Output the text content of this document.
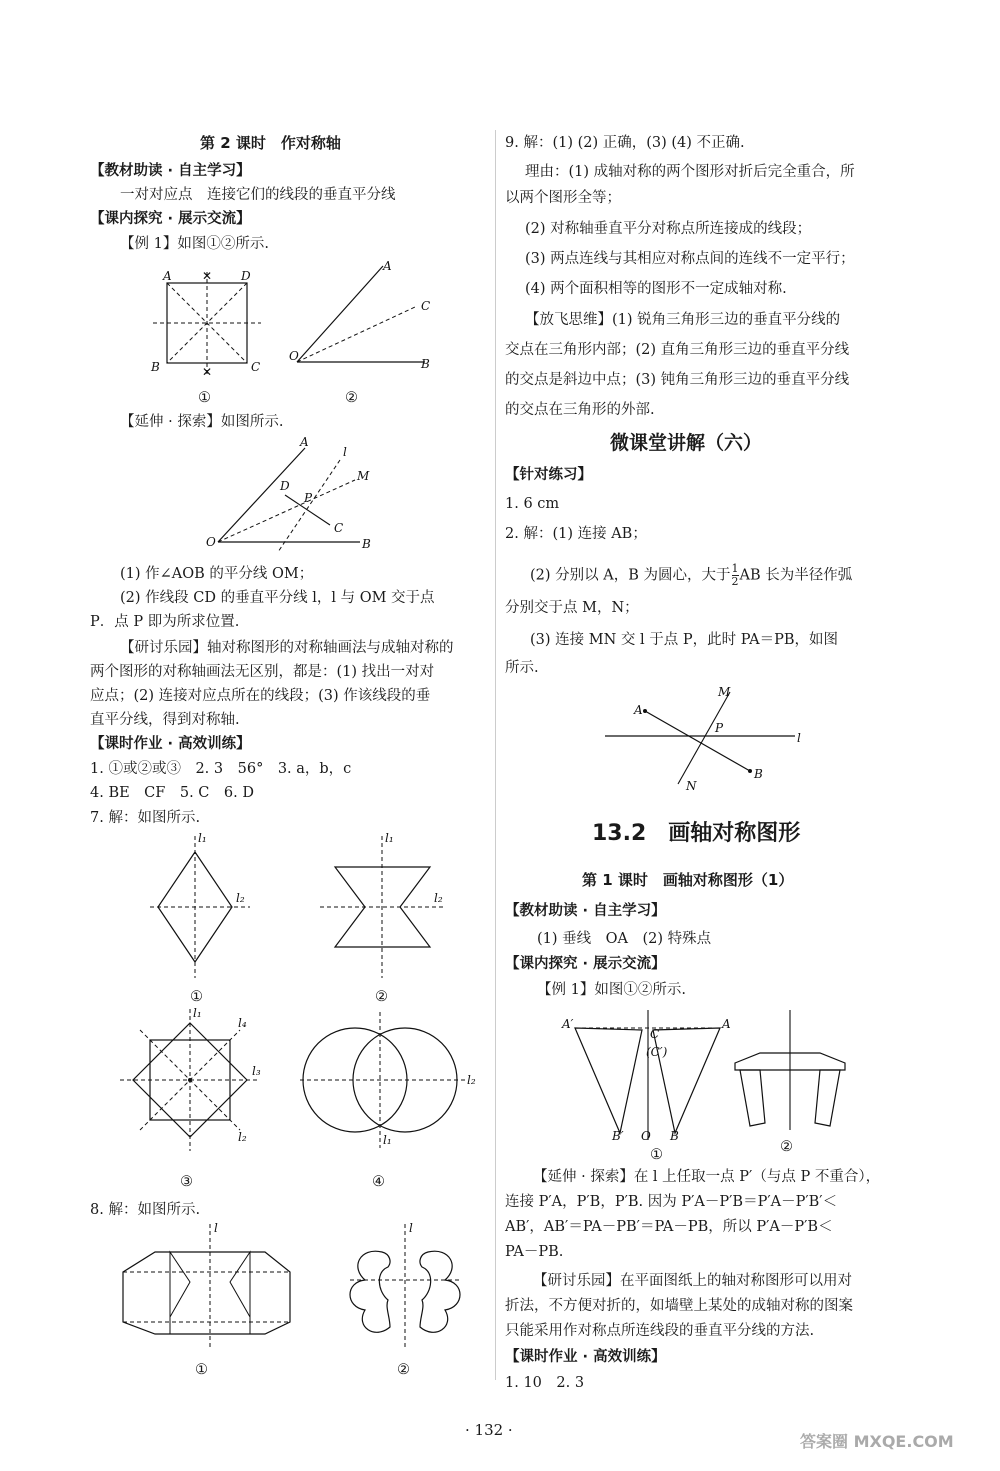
第 2 课时　作对称轴
【教材助读 · 自主学习】
一对对应点　连接它们的线段的垂直平分线
【课内探究 · 展示交流】
【例 1】如图①②所示.
A	D
B	C
✕
✕
①
O
A
C
B
②
【延伸 · 探索】如图所示.
O
A
l
M
D
P
C
B
(1) 作∠AOB 的平分线 OM；
(2) 作线段 CD 的垂直平分线 l，l 与 OM 交于点
P．点 P 即为所求位置.
【研讨乐园】轴对称图形的对称轴画法与成轴对称的
两个图形的对称轴画法无区别，都是：(1) 找出一对对
应点；(2) 连接对应点所在的线段；(3) 作该线段的垂
直平分线，得到对称轴.
【课时作业 · 高效训练】
1. ①或②或③　2. 3　56°　3. a，b，c
4. BE　CF　5. C　6. D
7. 解：如图所示.
l₁
l₂
①
l₁
l₂
②
l₁
l₄
l₃
l₂
③
l₂
l₁
④
8. 解：如图所示.
l
①
l
②
9. 解：(1) (2) 正确，(3) (4) 不正确.
理由：(1) 成轴对称的两个图形对折后完全重合，所
以两个图形全等；
(2) 对称轴垂直平分对称点所连接成的线段；
(3) 两点连线与其相应对称点间的连线不一定平行；
(4) 两个面积相等的图形不一定成轴对称.
【放飞思维】(1) 锐角三角形三边的垂直平分线的
交点在三角形内部；(2) 直角三角形三边的垂直平分线
的交点是斜边中点；(3) 钝角三角形三边的垂直平分线
的交点在三角形的外部.
微课堂讲解（六）
【针对练习】
1. 6 cm
2. 解：(1) 连接 AB；
(2) 分别以 A，B 为圆心，大于 $\frac{1}{2}$ AB 长为半径作弧
分别交于点 M，N；
(3) 连接 MN 交 l 于点 P，此时 PA＝PB，如图
所示.
A
M
P
l
B
N
13.2　画轴对称图形
第 1 课时　画轴对称图形（1）
【教材助读 · 自主学习】
(1) 垂线　OA　(2) 特殊点
【课内探究 · 展示交流】
【例 1】如图①②所示.
A′	A
C
(C′)
B′ O B
①	②
【延伸 · 探索】在 l 上任取一点 P′（与点 P 不重合），
连接 P′A，P′B，P′B. 因为 P′A－P′B＝P′A－P′B′＜
AB′，AB′＝PA－PB′＝PA－PB，所以 P′A－P′B＜
PA－PB.
【研讨乐园】在平面图纸上的轴对称图形可以用对
折法，不方便对折的，如墙壁上某处的成轴对称的图案
只能采用作对称点所连线段的垂直平分线的方法.
【课时作业 · 高效训练】
1. 10　2. 3
· 132 ·
答案圈 MXQE.COM
